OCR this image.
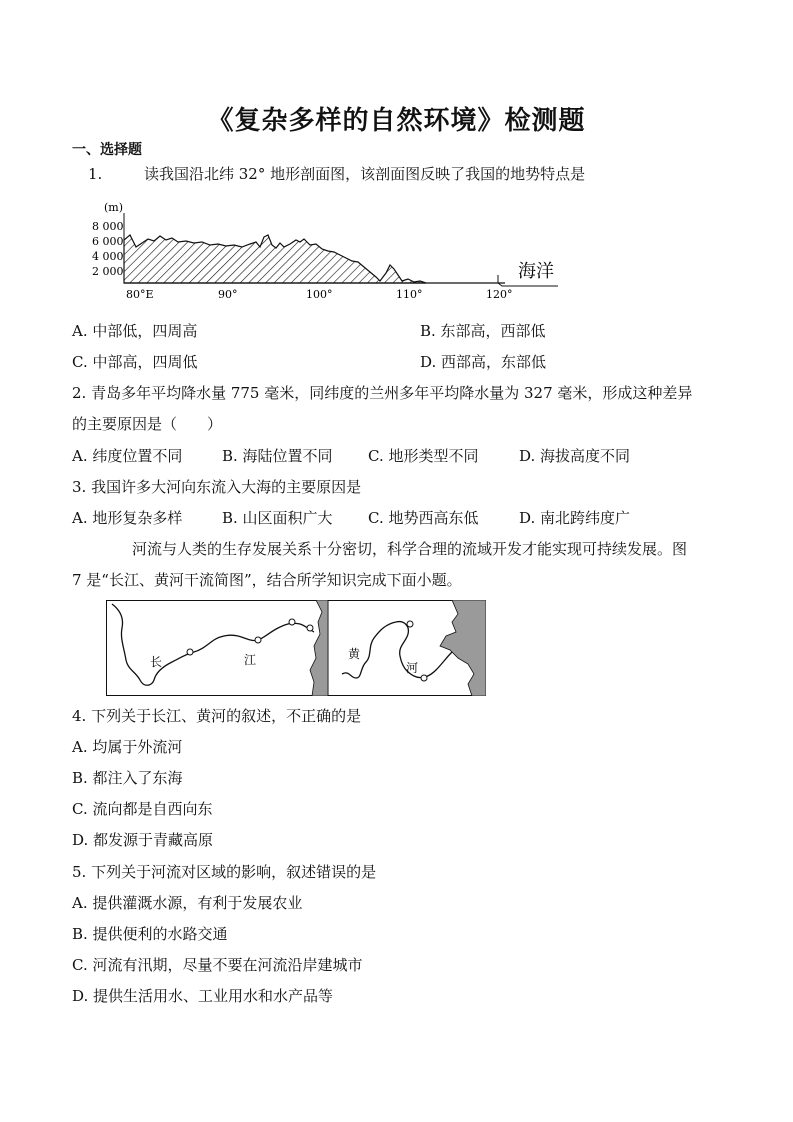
《复杂多样的自然环境》检测题
一、选择题
1.	读我国沿北纬 32° 地形剖面图，该剖面图反映了我国的地势特点是
(m)
8 000
6 000
4 000
2 000	海洋
80°E	90°	100°	110°	120°
A. 中部低，四周高	B. 东部高，西部低
C. 中部高，四周低	D. 西部高，东部低
2. 青岛多年平均降水量 775 毫米，同纬度的兰州多年平均降水量为 327 毫米，形成这种差异
的主要原因是（　　）
A. 纬度位置不同	B. 海陆位置不同 C. 地形类型不同	D. 海拔高度不同
3. 我国许多大河向东流入大海的主要原因是
A. 地形复杂多样	B. 山区面积广大 C. 地势西高东低	D. 南北跨纬度广
河流与人类的生存发展关系十分密切，科学合理的流域开发才能实现可持续发展。图
7 是“长江、黄河干流简图”，结合所学知识完成下面小题。
长	江	黄
河
4. 下列关于长江、黄河的叙述，不正确的是
A. 均属于外流河
B. 都注入了东海
C. 流向都是自西向东
D. 都发源于青藏高原
5. 下列关于河流对区域的影响，叙述错误的是
A. 提供灌溉水源，有利于发展农业
B. 提供便利的水路交通
C. 河流有汛期，尽量不要在河流沿岸建城市
D. 提供生活用水、工业用水和水产品等
